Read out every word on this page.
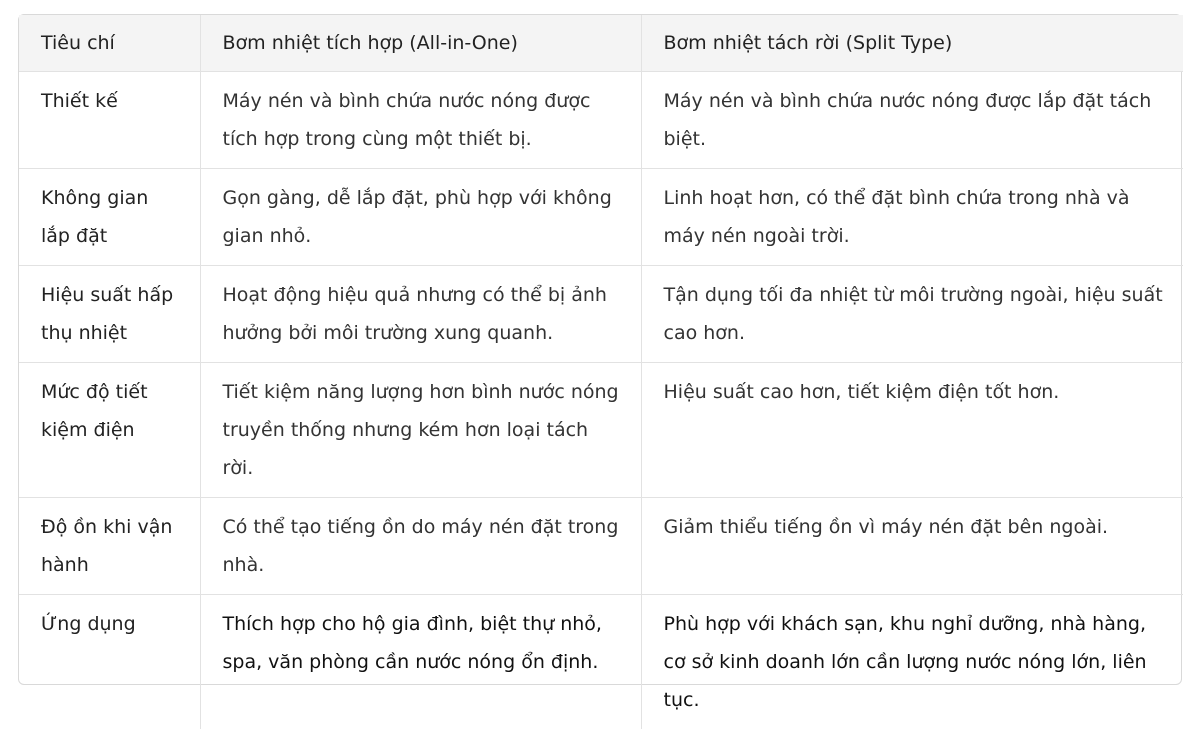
Tiêu chí	Bơm nhiệt tích hợp (All-in-One)	Bơm nhiệt tách rời (Split Type)
Thiết kế	Máy nén và bình chứa nước nóng được tích hợp trong cùng một thiết bị.	Máy nén và bình chứa nước nóng được lắp đặt tách biệt.
Không gian lắp đặt	Gọn gàng, dễ lắp đặt, phù hợp với không gian nhỏ.	Linh hoạt hơn, có thể đặt bình chứa trong nhà và máy nén ngoài trời.
Hiệu suất hấp thụ nhiệt	Hoạt động hiệu quả nhưng có thể bị ảnh hưởng bởi môi trường xung quanh.	Tận dụng tối đa nhiệt từ môi trường ngoài, hiệu suất cao hơn.
Mức độ tiết kiệm điện	Tiết kiệm năng lượng hơn bình nước nóng truyền thống nhưng kém hơn loại tách rời.	Hiệu suất cao hơn, tiết kiệm điện tốt hơn.
Độ ồn khi vận hành	Có thể tạo tiếng ồn do máy nén đặt trong nhà.	Giảm thiểu tiếng ồn vì máy nén đặt bên ngoài.
Ứng dụng	Thích hợp cho hộ gia đình, biệt thự nhỏ, spa, văn phòng cần nước nóng ổn định.	Phù hợp với khách sạn, khu nghỉ dưỡng, nhà hàng, cơ sở kinh doanh lớn cần lượng nước nóng lớn, liên tục.
